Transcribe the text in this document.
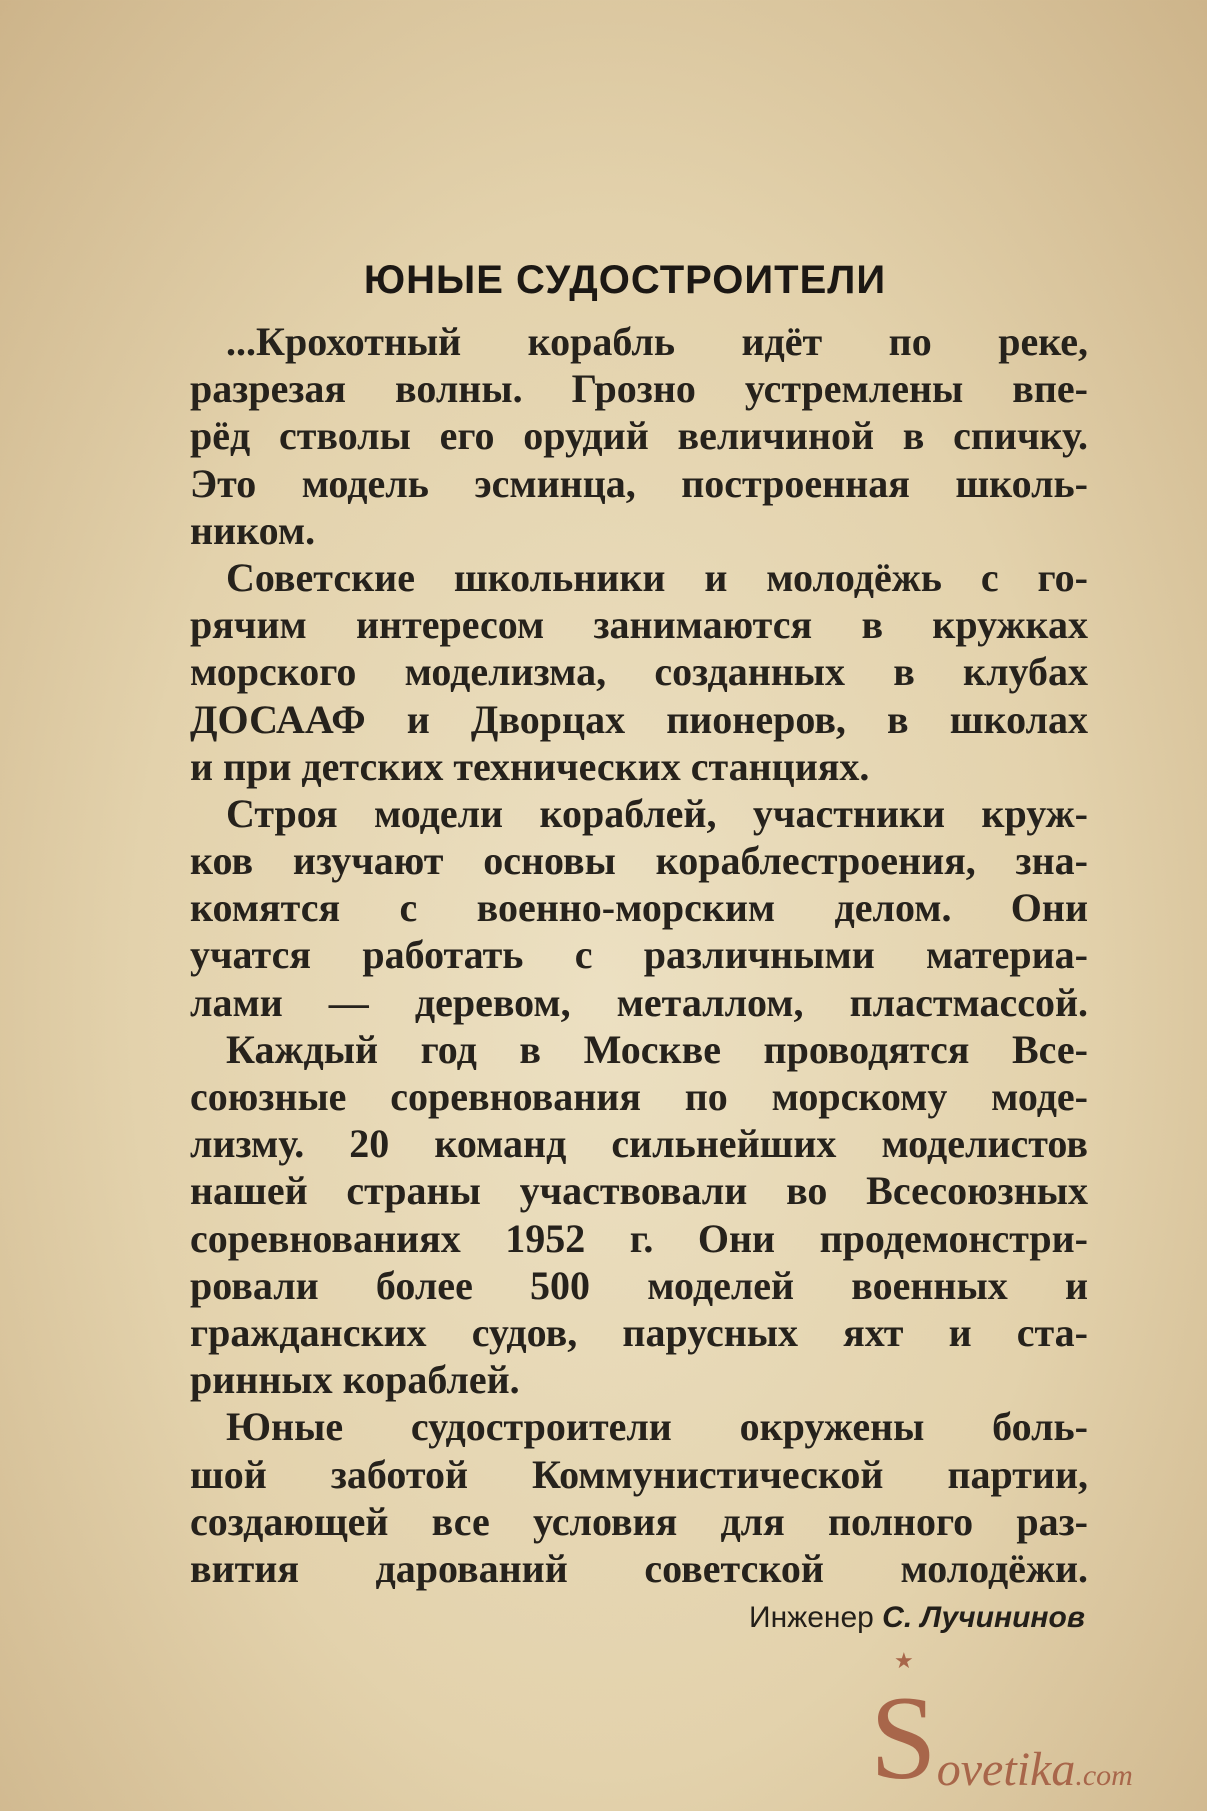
ЮНЫЕ СУДОСТРОИТЕЛИ
...Крохотный корабль идёт по реке,
разрезая волны. Грозно устремлены впе-
рёд стволы его орудий величиной в спичку.
Это модель эсминца, построенная школь-
ником.
Советские школьники и молодёжь с го-
рячим интересом занимаются в кружках
морского моделизма, созданных в клубах
ДОСААФ и Дворцах пионеров, в школах
и при детских технических станциях.
Строя модели кораблей, участники круж-
ков изучают основы кораблестроения, зна-
комятся с военно-морским делом. Они
учатся работать с различными материа-
лами — деревом, металлом, пластмассой.
Каждый год в Москве проводятся Все-
союзные соревнования по морскому моде-
лизму. 20 команд сильнейших моделистов
нашей страны участвовали во Всесоюзных
соревнованиях 1952 г. Они продемонстри-
ровали более 500 моделей военных и
гражданских судов, парусных яхт и ста-
ринных кораблей.
Юные судостроители окружены боль-
шой заботой Коммунистической партии,
создающей все условия для полного раз-
вития дарований советской молодёжи.
Инженер С. Лучининов
★
S ovetika .com
